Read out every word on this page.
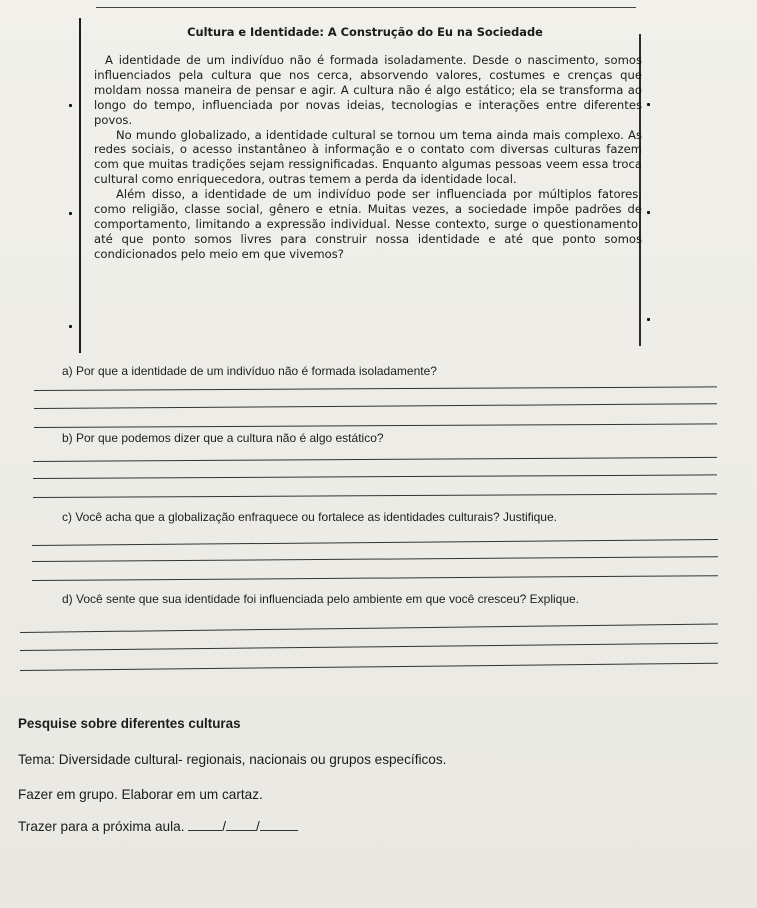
Cultura e Identidade: A Construção do Eu na Sociedade

A identidade de um indivíduo não é formada isoladamente. Desde o nascimento, somos influenciados pela cultura que nos cerca, absorvendo valores, costumes e crenças que moldam nossa maneira de pensar e agir. A cultura não é algo estático; ela se transforma ao longo do tempo, influenciada por novas ideias, tecnologias e interações entre diferentes povos.

No mundo globalizado, a identidade cultural se tornou um tema ainda mais complexo. As redes sociais, o acesso instantâneo à informação e o contato com diversas culturas fazem com que muitas tradições sejam ressignificadas. Enquanto algumas pessoas veem essa troca cultural como enriquecedora, outras temem a perda da identidade local.

Além disso, a identidade de um indivíduo pode ser influenciada por múltiplos fatores, como religião, classe social, gênero e etnia. Muitas vezes, a sociedade impõe padrões de comportamento, limitando a expressão individual. Nesse contexto, surge o questionamento: até que ponto somos livres para construir nossa identidade e até que ponto somos condicionados pelo meio em que vivemos?

a) Por que a identidade de um indivíduo não é formada isoladamente?
b) Por que podemos dizer que a cultura não é algo estático?
c) Você acha que a globalização enfraquece ou fortalece as identidades culturais? Justifique.
d) Você sente que sua identidade foi influenciada pelo ambiente em que você cresceu? Explique.
Pesquise sobre diferentes culturas
Tema: Diversidade cultural- regionais, nacionais ou grupos específicos.
Fazer em grupo. Elaborar em um cartaz.
Trazer para a próxima aula.	/ /
